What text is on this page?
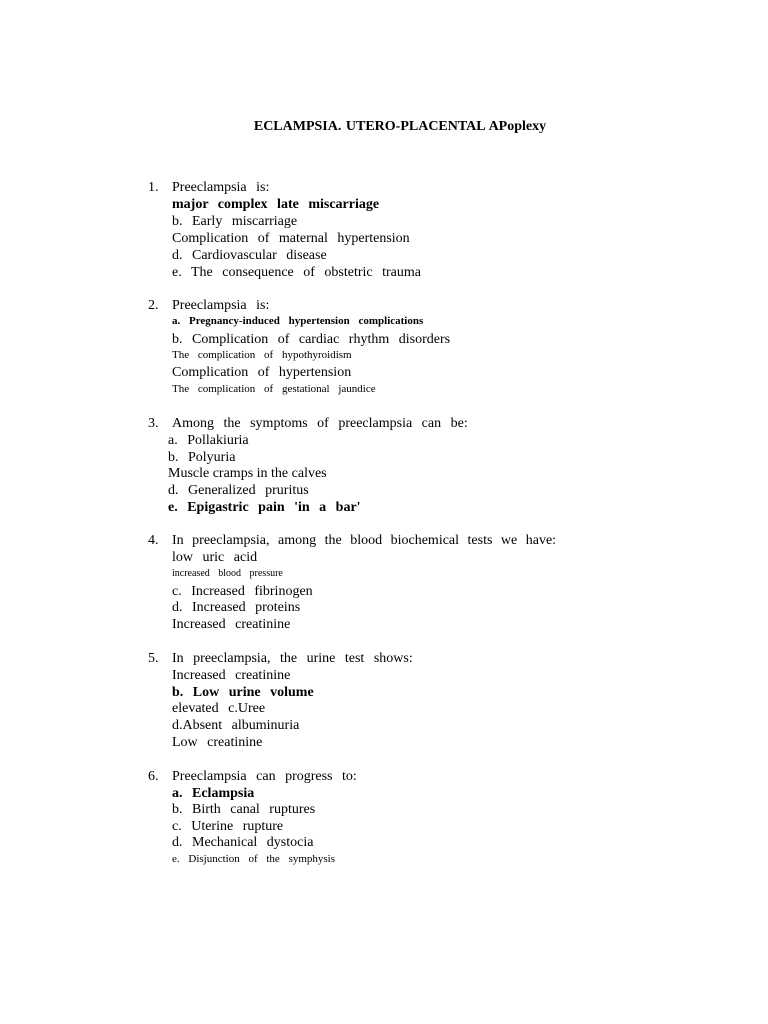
ECLAMPSIA. UTERO-PLACENTAL APoplexy
1. Preeclampsia is:
major complex late miscarriage
b. Early miscarriage
Complication of maternal hypertension
d. Cardiovascular disease
e. The consequence of obstetric trauma
2. Preeclampsia is:
a. Pregnancy-induced hypertension complications
b. Complication of cardiac rhythm disorders
The complication of hypothyroidism
Complication of hypertension
The complication of gestational jaundice
3. Among the symptoms of preeclampsia can be:
a. Pollakiuria
b. Polyuria
Muscle cramps in the calves
d. Generalized pruritus
e. Epigastric pain 'in a bar'
4. In preeclampsia, among the blood biochemical tests we have:
low uric acid
increased blood pressure
c. Increased fibrinogen
d. Increased proteins
Increased creatinine
5. In preeclampsia, the urine test shows:
Increased creatinine
b. Low urine volume
elevated c.Uree
d.Absent albuminuria
Low creatinine
6. Preeclampsia can progress to:
a. Eclampsia
b. Birth canal ruptures
c. Uterine rupture
d. Mechanical dystocia
e. Disjunction of the symphysis
